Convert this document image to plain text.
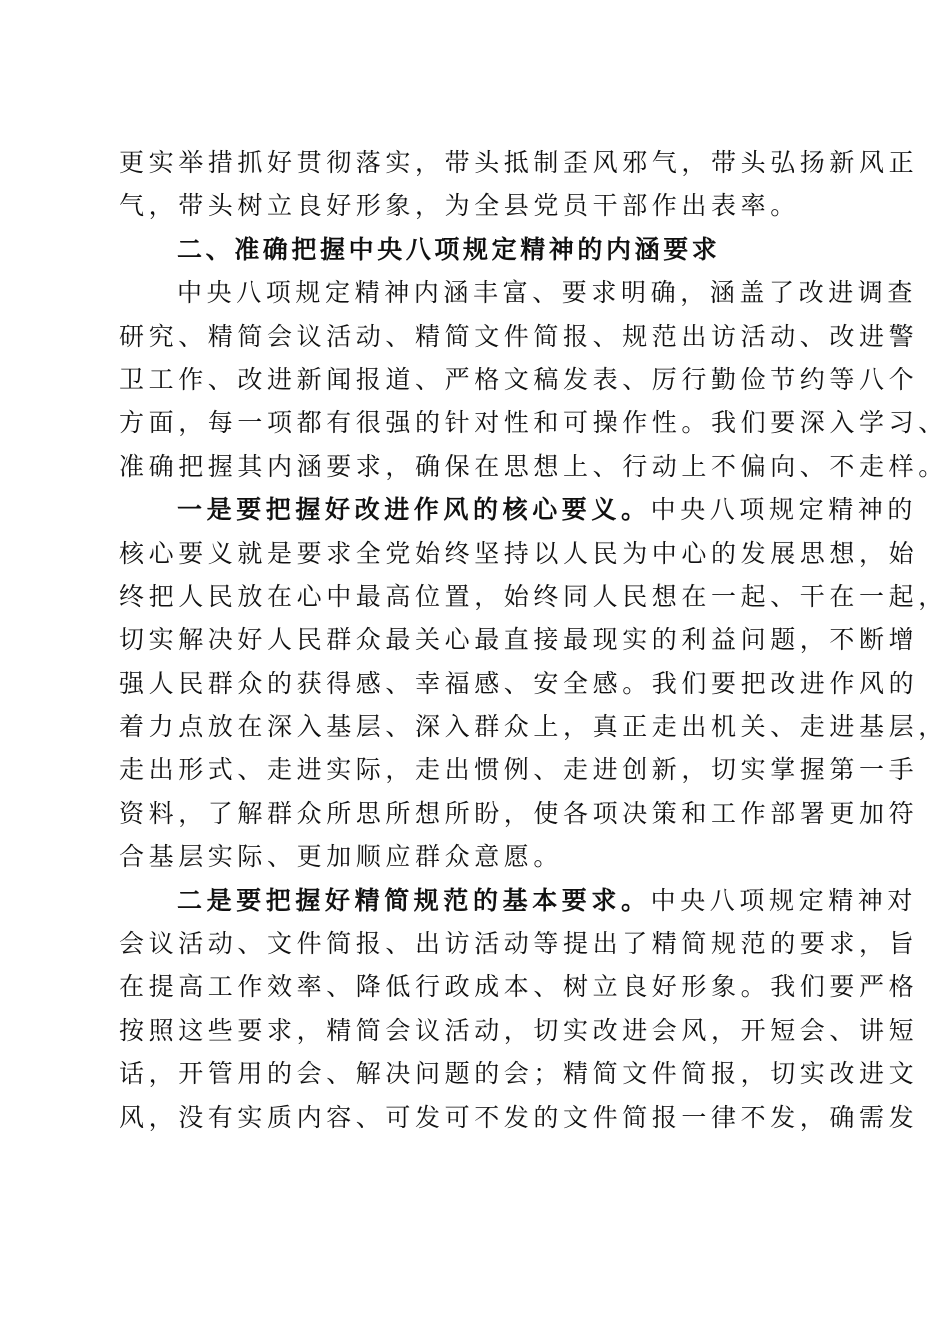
更实举措抓好贯彻落实，带头抵制歪风邪气，带头弘扬新风正
气，带头树立良好形象，为全县党员干部作出表率。
二、准确把握中央八项规定精神的内涵要求
中央八项规定精神内涵丰富、要求明确，涵盖了改进调查
研究、精简会议活动、精简文件简报、规范出访活动、改进警
卫工作、改进新闻报道、严格文稿发表、厉行勤俭节约等八个
方面，每一项都有很强的针对性和可操作性。我们要深入学习、
准确把握其内涵要求，确保在思想上、行动上不偏向、不走样。
一是要把握好改进作风的核心要义。中央八项规定精神的
核心要义就是要求全党始终坚持以人民为中心的发展思想，始
终把人民放在心中最高位置，始终同人民想在一起、干在一起，
切实解决好人民群众最关心最直接最现实的利益问题，不断增
强人民群众的获得感、幸福感、安全感。我们要把改进作风的
着力点放在深入基层、深入群众上，真正走出机关、走进基层，
走出形式、走进实际，走出惯例、走进创新，切实掌握第一手
资料，了解群众所思所想所盼，使各项决策和工作部署更加符
合基层实际、更加顺应群众意愿。
二是要把握好精简规范的基本要求。中央八项规定精神对
会议活动、文件简报、出访活动等提出了精简规范的要求，旨
在提高工作效率、降低行政成本、树立良好形象。我们要严格
按照这些要求，精简会议活动，切实改进会风，开短会、讲短
话，开管用的会、解决问题的会；精简文件简报，切实改进文
风，没有实质内容、可发可不发的文件简报一律不发，确需发
